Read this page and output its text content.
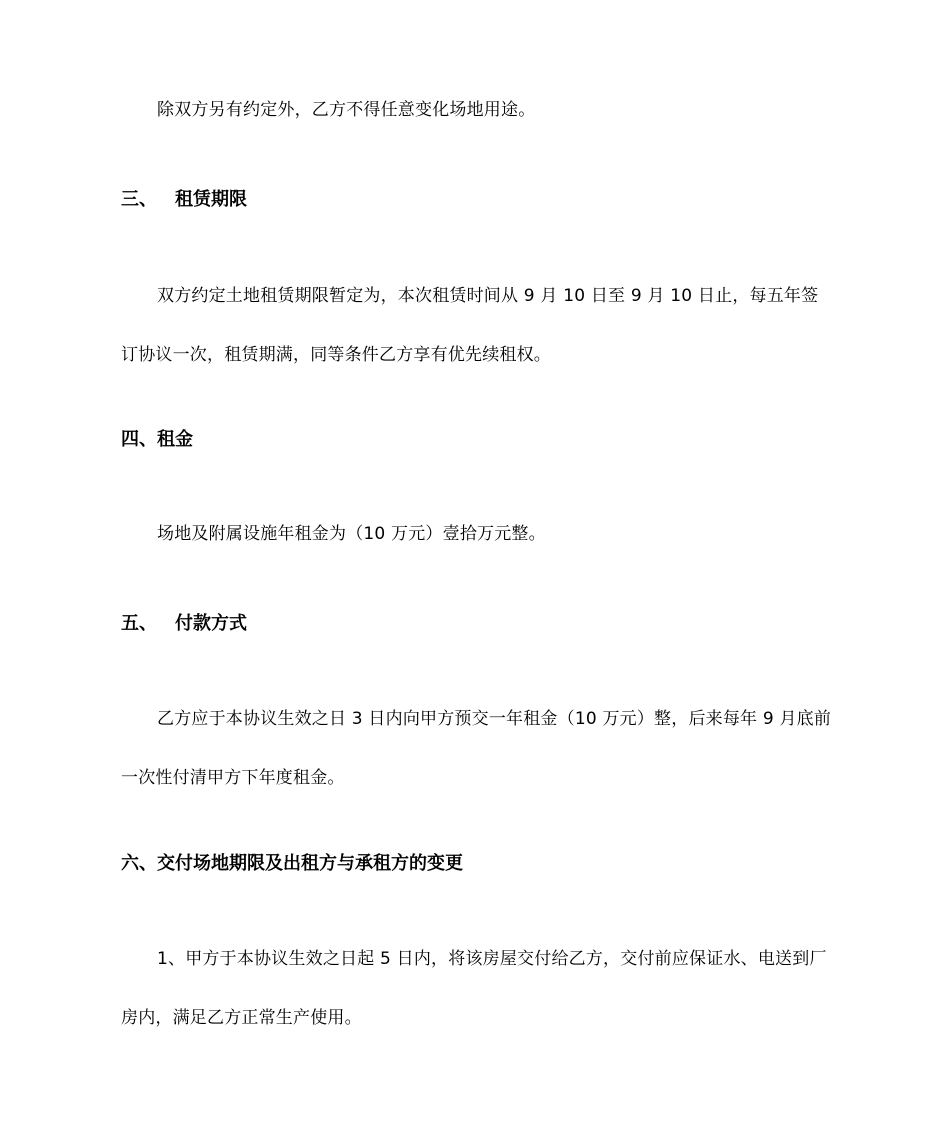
除双方另有约定外，乙方不得任意变化场地用途。

三、 租赁期限

双方约定土地租赁期限暂定为，本次租赁时间从 9 月 10 日至 9 月 10 日止，每五年签订协议一次，租赁期满，同等条件乙方享有优先续租权。

四、租金

场地及附属设施年租金为（10 万元）壹拾万元整。

五、 付款方式

乙方应于本协议生效之日 3 日内向甲方预交一年租金（10 万元）整，后来每年 9 月底前一次性付清甲方下年度租金。

六、交付场地期限及出租方与承租方的变更

1、甲方于本协议生效之日起 5 日内，将该房屋交付给乙方，交付前应保证水、电送到厂房内，满足乙方正常生产使用。
